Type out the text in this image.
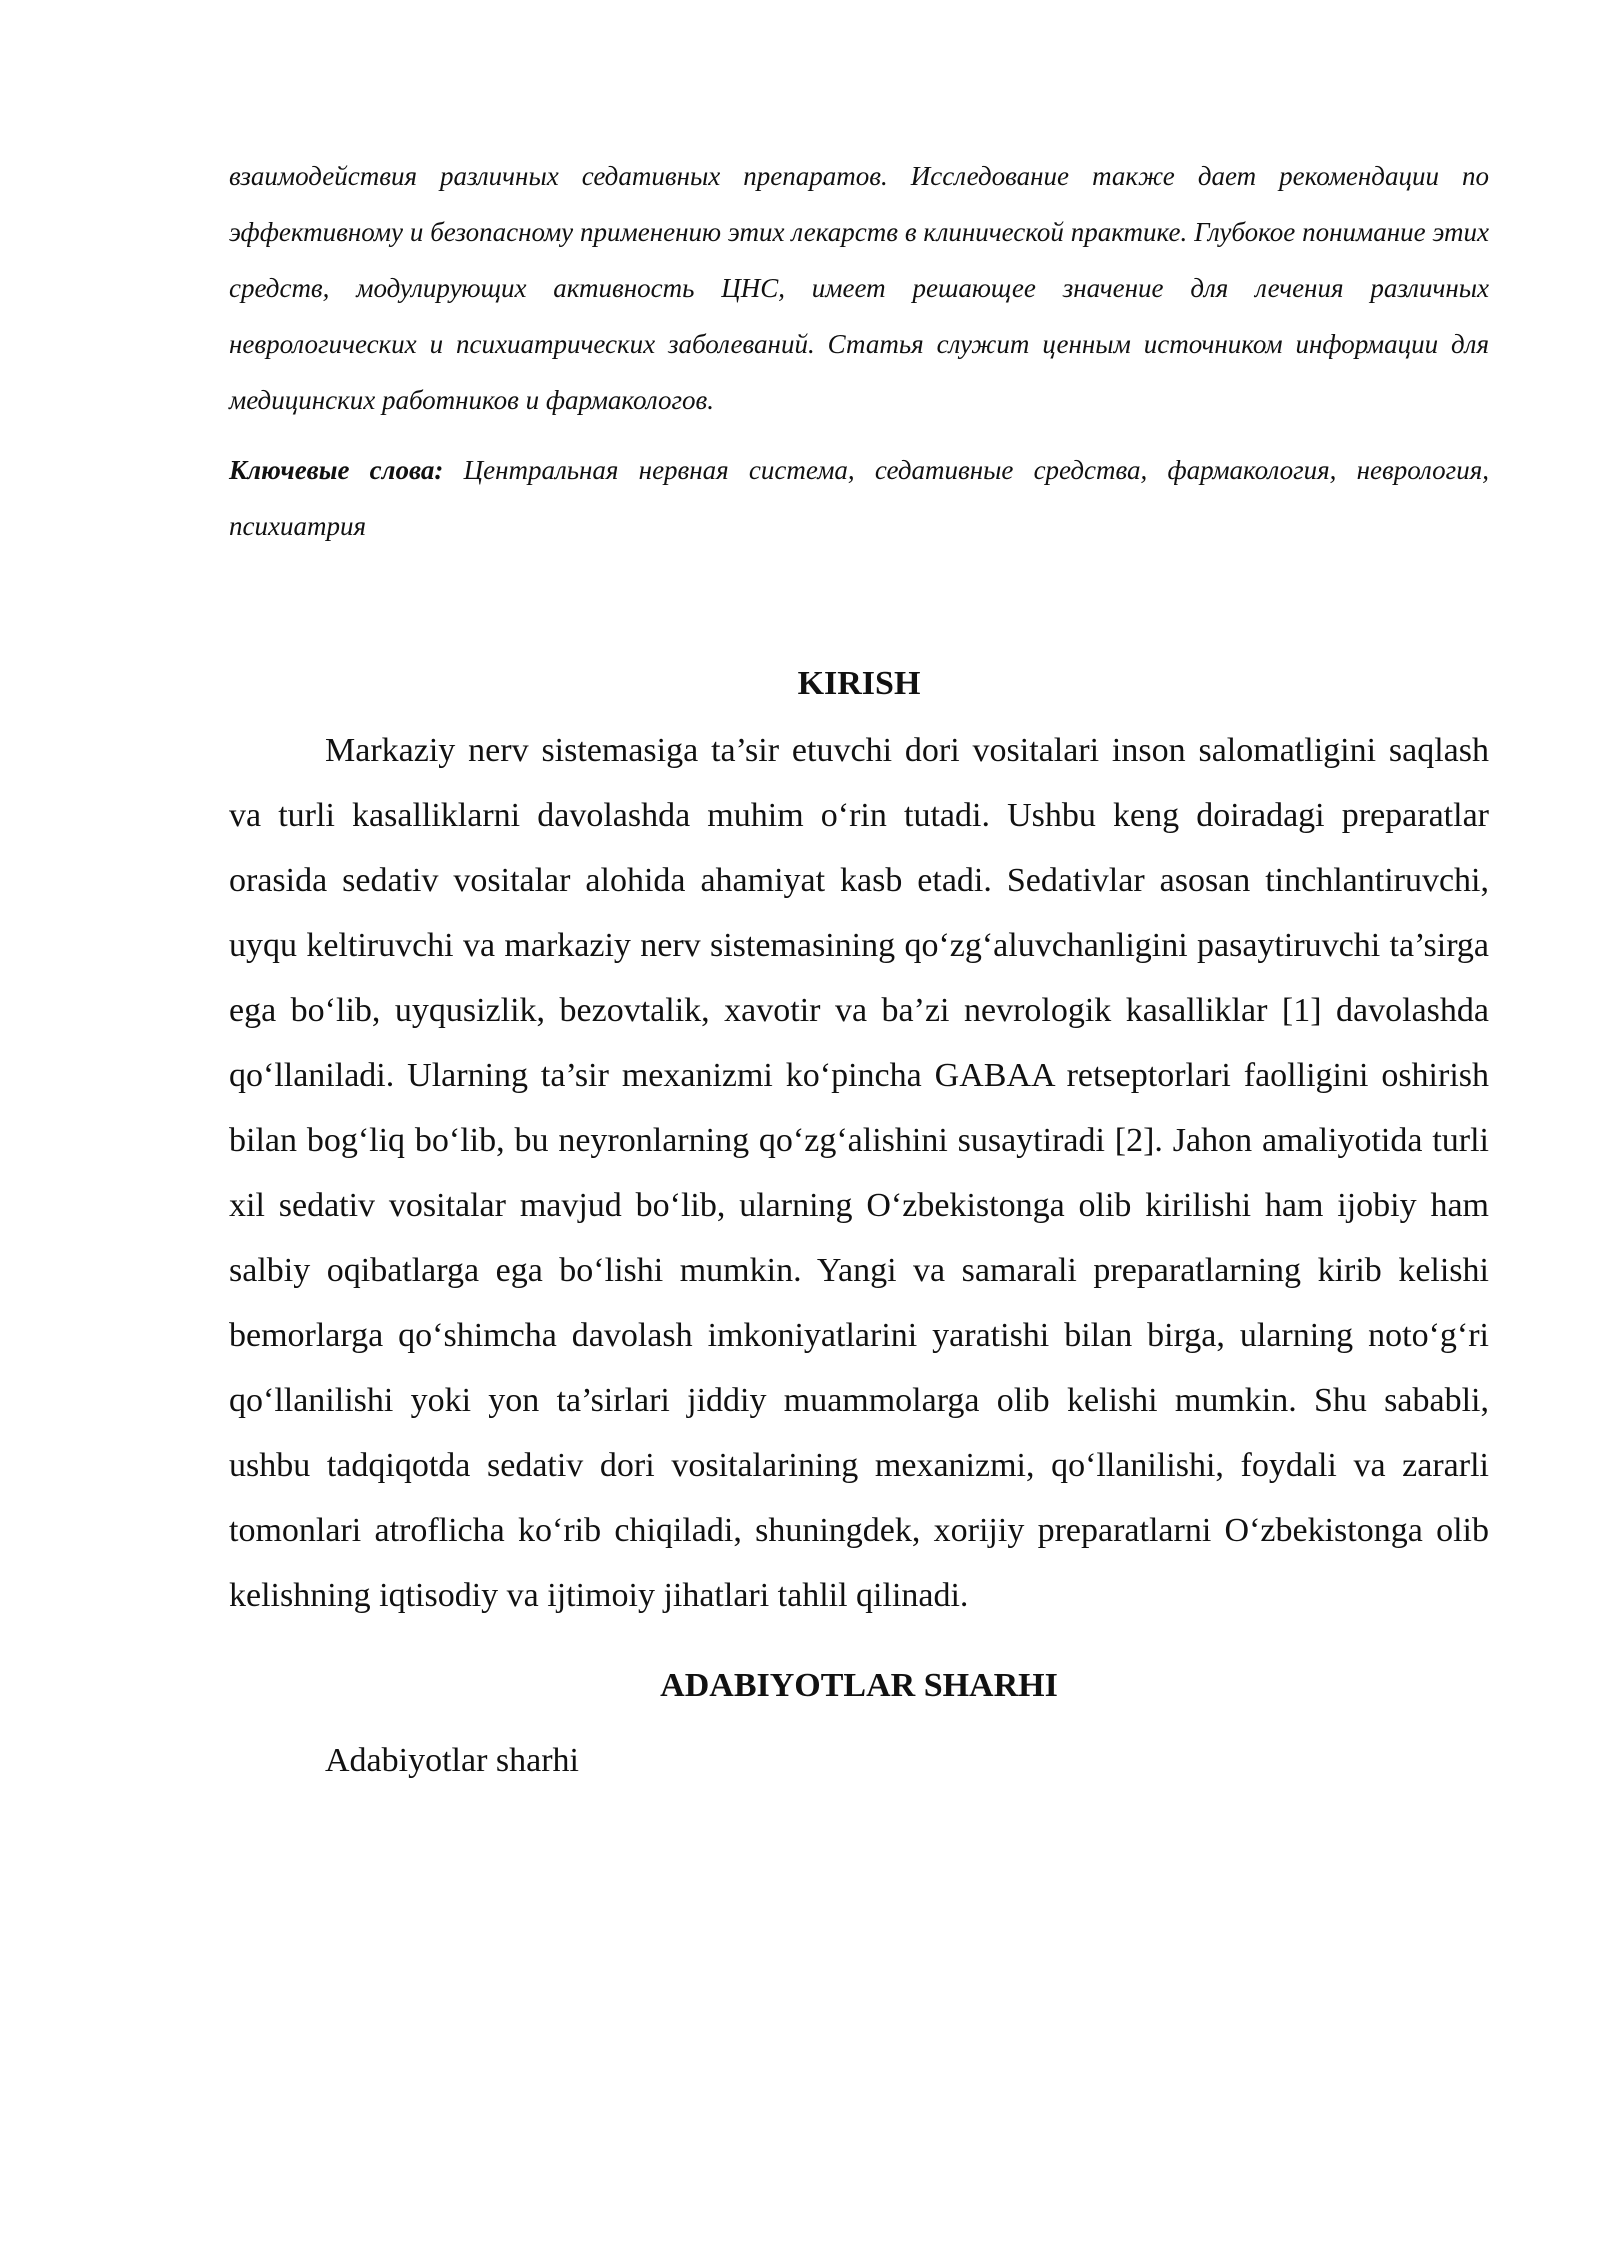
взаимодействия различных седативных препаратов. Исследование также дает рекомендации по эффективному и безопасному применению этих лекарств в клинической практике. Глубокое понимание этих средств, модулирующих активность ЦНС, имеет решающее значение для лечения различных неврологических и психиатрических заболеваний. Статья служит ценным источником информации для медицинских работников и фармакологов.

Ключевые слова: Центральная нервная система, седативные средства, фармакология, неврология, психиатрия

KIRISH

Markaziy nerv sistemasiga ta’sir etuvchi dori vositalari inson salomatligini saqlash va turli kasalliklarni davolashda muhim o‘rin tutadi. Ushbu keng doiradagi preparatlar orasida sedativ vositalar alohida ahamiyat kasb etadi. Sedativlar asosan tinchlantiruvchi, uyqu keltiruvchi va markaziy nerv sistemasining qo‘zg‘aluvchanligini pasaytiruvchi ta’sirga ega bo‘lib, uyqusizlik, bezovtalik, xavotir va ba’zi nevrologik kasalliklar [1] davolashda qo‘llaniladi. Ularning ta’sir mexanizmi ko‘pincha GABAA retseptorlari faolligini oshirish bilan bog‘liq bo‘lib, bu neyronlarning qo‘zg‘alishini susaytiradi [2]. Jahon amaliyotida turli xil sedativ vositalar mavjud bo‘lib, ularning O‘zbekistonga olib kirilishi ham ijobiy ham salbiy oqibatlarga ega bo‘lishi mumkin. Yangi va samarali preparatlarning kirib kelishi bemorlarga qo‘shimcha davolash imkoniyatlarini yaratishi bilan birga, ularning noto‘g‘ri qo‘llanilishi yoki yon ta’sirlari jiddiy muammolarga olib kelishi mumkin. Shu sababli, ushbu tadqiqotda sedativ dori vositalarining mexanizmi, qo‘llanilishi, foydali va zararli tomonlari atroflicha ko‘rib chiqiladi, shuningdek, xorijiy preparatlarni O‘zbekistonga olib kelishning iqtisodiy va ijtimoiy jihatlari tahlil qilinadi.

ADABIYOTLAR SHARHI

Adabiyotlar sharhi
